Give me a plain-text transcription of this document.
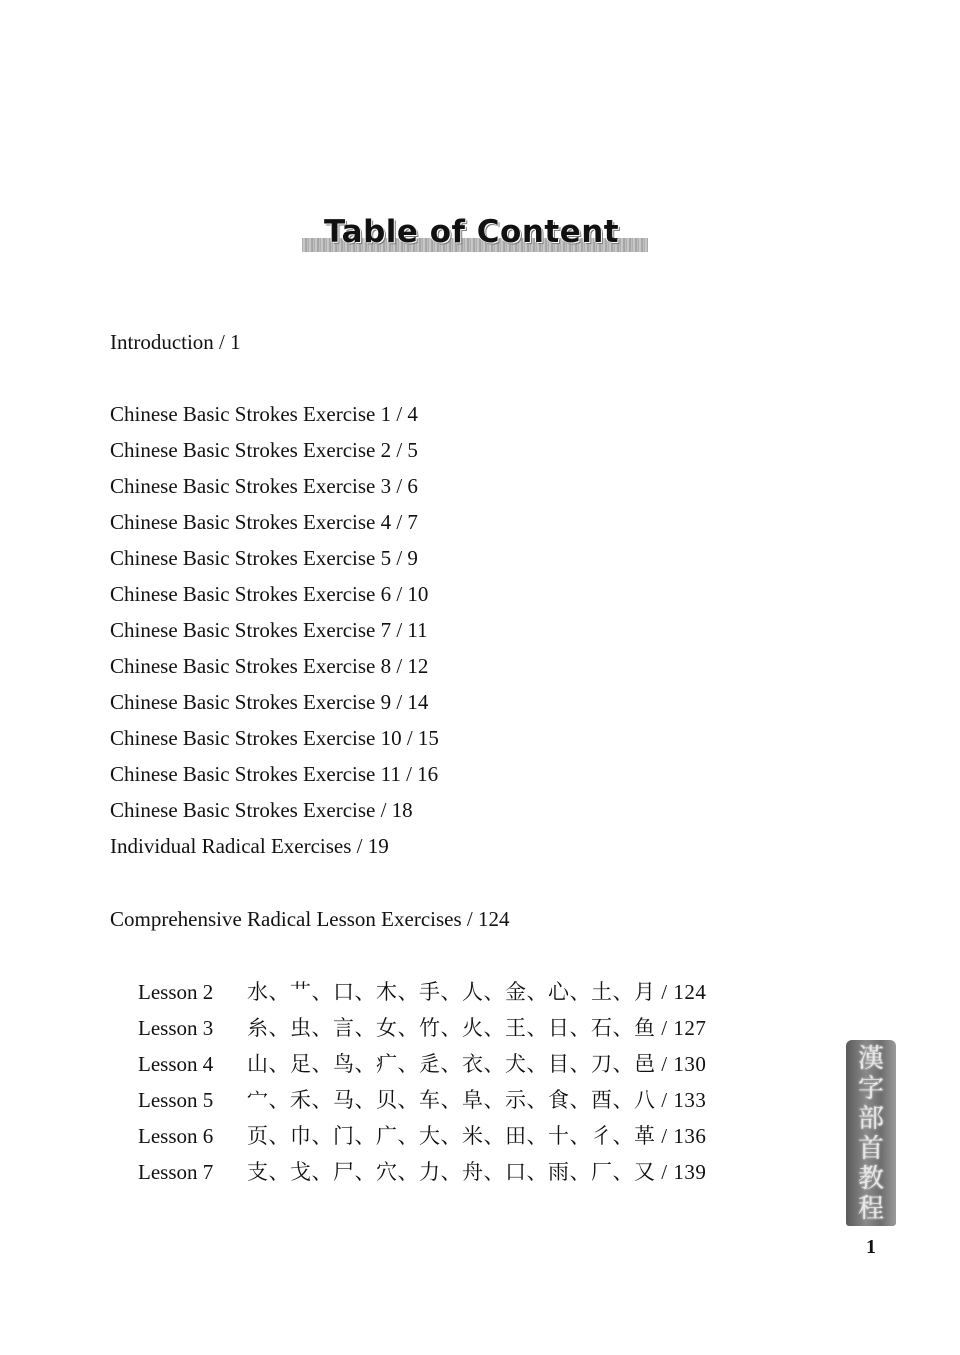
Table of Content
Introduction / 1
Chinese Basic Strokes Exercise 1 / 4
Chinese Basic Strokes Exercise 2 / 5
Chinese Basic Strokes Exercise 3 / 6
Chinese Basic Strokes Exercise 4 / 7
Chinese Basic Strokes Exercise 5 / 9
Chinese Basic Strokes Exercise 6 / 10
Chinese Basic Strokes Exercise 7 / 11
Chinese Basic Strokes Exercise 8 / 12
Chinese Basic Strokes Exercise 9 / 14
Chinese Basic Strokes Exercise 10 / 15
Chinese Basic Strokes Exercise 11 / 16
Chinese Basic Strokes Exercise / 18
Individual Radical Exercises / 19
Comprehensive Radical Lesson Exercises / 124
Lesson 2 水、艹、口、木、手、人、金、心、土、月 / 124
Lesson 3 糸、虫、言、女、竹、火、王、日、石、鱼 / 127
Lesson 4 山、足、鸟、疒、辵、衣、犬、目、刀、邑 / 130
Lesson 5 宀、禾、马、贝、车、阜、示、食、酉、八 / 133
Lesson 6 页、巾、门、广、大、米、田、十、彳、革 / 136
Lesson 7 支、戈、尸、穴、力、舟、口、雨、厂、又 / 139
漢
字
部
首
教
程
1
